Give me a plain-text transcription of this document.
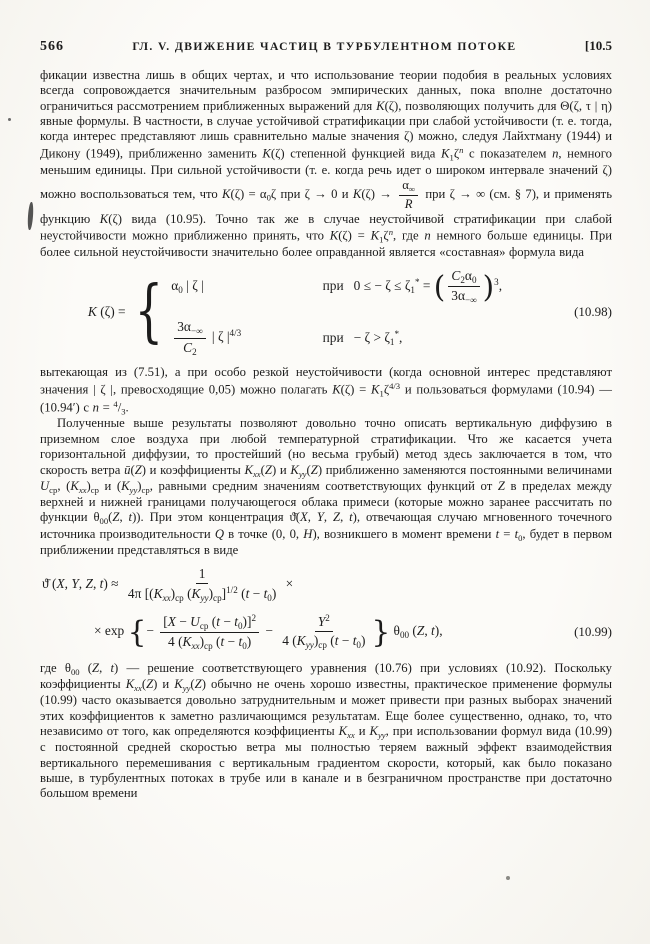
566	ГЛ. V. ДВИЖЕНИЕ ЧАСТИЦ В ТУРБУЛЕНТНОМ ПОТОКЕ	[10.5

фикации известна лишь в общих чертах, и что использование теории подобия в реальных условиях всегда сопровождается значительным разбросом эмпирических данных, пока вполне достаточно ограничиться рассмотрением приближенных выражений для K(ζ), позволяющих получить для Θ(ζ, τ | η) явные формулы. В частности, в случае устойчивой стратификации при слабой устойчивости (т. е. тогда, когда интерес представляют лишь сравнительно малые значения ζ) можно, следуя Лайхтману (1944) и Дикону (1949), приближенно заменить K(ζ) степенной функцией вида $K_1\zeta^n$ с показателем n, немного меньшим единицы. При сильной устойчивости (т. е. когда речь идет о широком интервале значений ζ) можно воспользоваться тем, что $K(\zeta) = \alpha_0\zeta$ при ζ → 0 и $K(\zeta) \to \frac{\alpha_\infty}{R}$ при ζ → ∞ (см. § 7), и применять функцию K(ζ) вида (10.95). Точно так же в случае неустойчивой стратификации при слабой неустойчивости можно приближенно принять, что $K(\zeta) = K_1\zeta^n$, где n немного больше единицы. При более сильной неустойчивости значительно более оправданной является «составная» формула вида

K (ζ) = { $\alpha_0$ | ζ |	при   0 ≤ − $\zeta \le \zeta_1^*$ = ( $\frac{C_2\alpha_0}{3\alpha_{-\infty}} )^3$,
$\frac{3\alpha_{-\infty}}{C_2}$ | ζ $|^{4/3}$	при   − $\zeta > \zeta_1^*$,
(10.98)

вытекающая из (7.51), а при особо резкой неустойчивости (когда основной интерес представляют значения | ζ |, превосходящие 0,05) можно полагать $K(\zeta) = K_1\zeta^{4/3}$ и пользоваться формулами (10.94) — (10.94′) с $n = ^4/_3$.

Полученные выше результаты позволяют довольно точно описать вертикальную диффузию в приземном слое воздуха при любой температурной стратификации. Что же касается учета горизонтальной диффузии, то простейший (но весьма грубый) метод здесь заключается в том, что скорость ветра ū(Z) и коэффициенты $K_{xx}(Z)$ и $K_{yy}(Z)$ приближенно заменяются постоянными величинами $U_{ср}$, $(K_{xx})_{ср}$ и $(K_{yy})_{ср}$, равными средним значениям соответствующих функций от Z в пределах между верхней и нижней границами получающегося облака примеси (которые можно заранее рассчитать по функции $\theta_{00}(Z$, t)). При этом концентрация ϑ̄(X, Y, Z, t), отвечающая случаю мгновенного точечного источника производительности Q в точке (0, 0, H), возникшего в момент времени $t = t_0$, будет в первом приближении представляться в виде

ϑ̄ (X, Y, Z, $t) \approx \frac{1}{4\pi [(K_{xx})_{ср} (K_{yy})_{ср}]^{1/2} (t - t_0)}$ ×
× exp {− $\frac{[X - U_{ср} (t - t_0)]^2}{4 (K_{xx})_{ср} (t - t_0)} - \frac{Y^2}{4 (K_{yy})_{ср} (t - t_0)}$ } $\theta_{00}$ (Z, t),	(10.99)

где $\theta_{00}$ (Z, t) — решение соответствующего уравнения (10.76) при условиях (10.92). Поскольку коэффициенты $K_{xx}(Z)$ и $K_{yy}(Z)$ обычно не очень хорошо известны, практическое применение формулы (10.99) часто оказывается довольно затруднительным и может привести при разных выборах значений этих коэффициентов к заметно различающимся результатам. Еще более существенно, однако, то, что независимо от того, как определяются коэффициенты $K_{xx}$ и $K_{yy}$, при использовании формул вида (10.99) с постоянной средней скоростью ветра мы полностью теряем важный эффект взаимодействия вертикального перемешивания с вертикальным градиентом скорости, который, как было показано выше, в турбулентных потоках в трубе или в канале и в безграничном пространстве при достаточно большом времени
